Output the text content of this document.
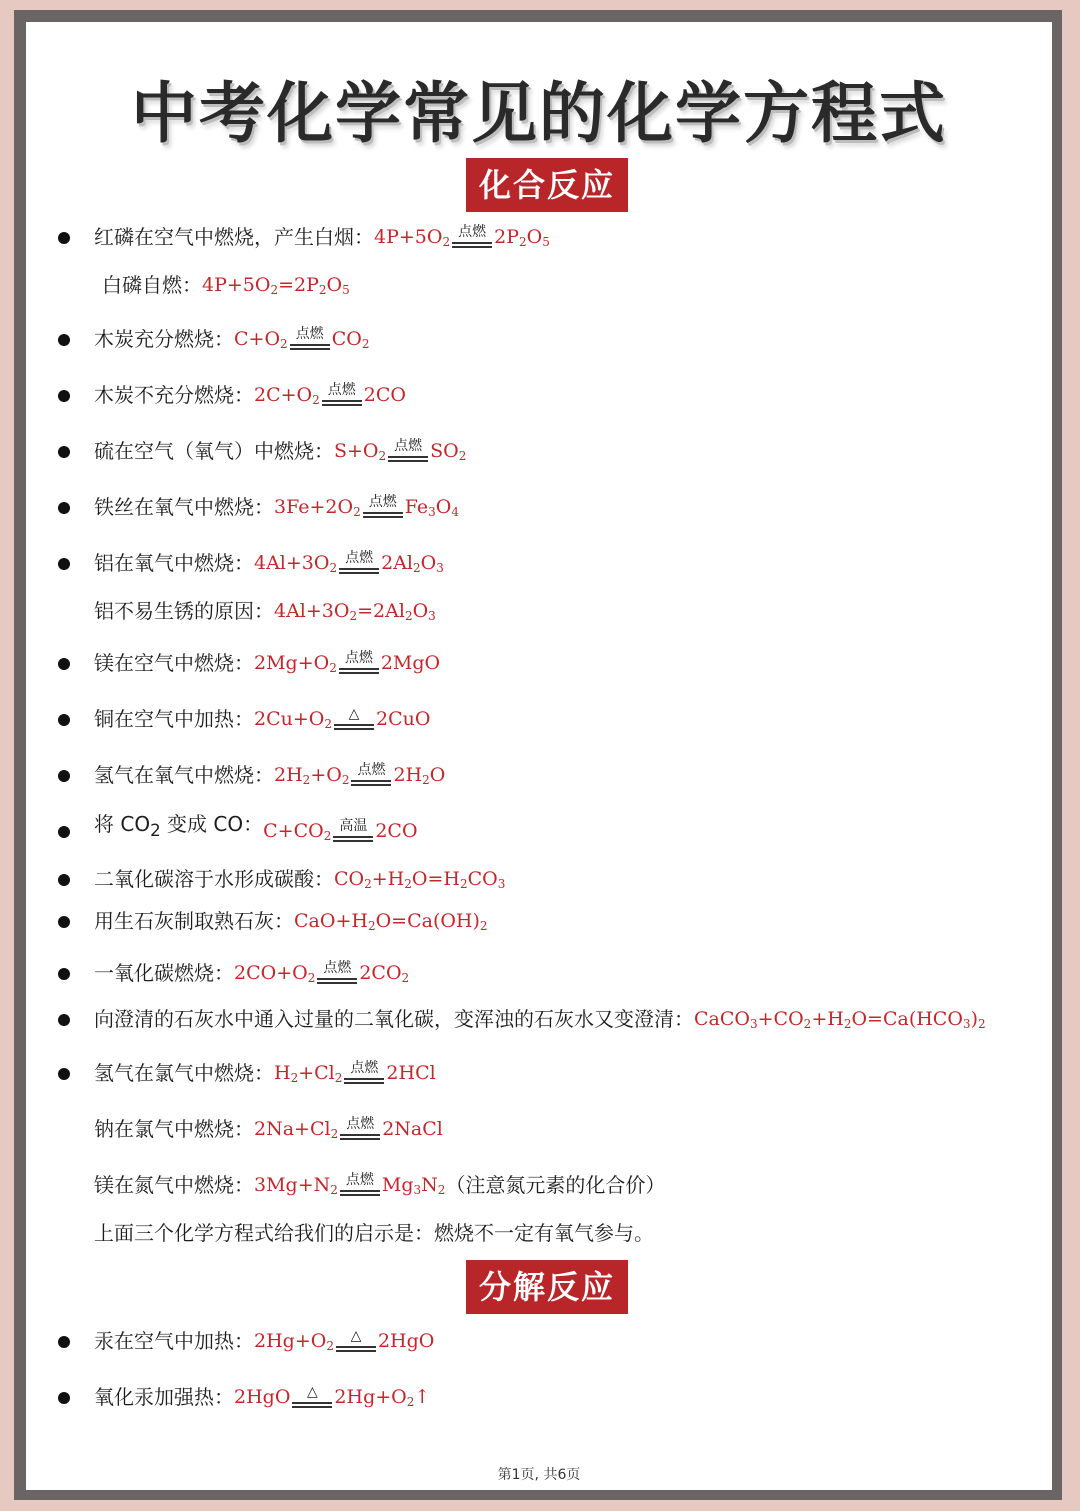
中考化学常见的化学方程式
化合反应
红磷在空气中燃烧，产生白烟： $4P+5O_2$
点燃 $2P_2O_5$
白磷自燃： $4P+5O_2=2P_2O_5$
木炭充分燃烧： $C+O_2$
点燃 $CO_2$
木炭不充分燃烧： $2C+O_2$
点燃 2CO
硫在空气（氧气）中燃烧： $S+O_2$
点燃 $SO_2$
铁丝在氧气中燃烧： $3Fe+2O_2$
点燃 $Fe_3O_4$
铝在氧气中燃烧： $4Al+3O_2$
点燃 $2Al_2O_3$
铝不易生锈的原因： $4Al+3O_2=2Al_2O_3$
镁在空气中燃烧： $2Mg+O_2$
点燃 2MgO
铜在空气中加热： $2Cu+O_2$
△ 2CuO
氢气在氧气中燃烧： $2H_2+O_2$
点燃 $2H_2O$
将 $CO_2$ 变成 CO： $C+CO_2$
高温 2CO
二氧化碳溶于水形成碳酸： $CO_2+H_2O=H_2CO_3$
用生石灰制取熟石灰： $CaO+H_2O=Ca(OH)_2$
一氧化碳燃烧： $2CO+O_2$
点燃 $2CO_2$
向澄清的石灰水中通入过量的二氧化碳，变浑浊的石灰水又变澄清： $CaCO_3+CO_2+H_2O=Ca(HCO_3)_2$
氢气在氯气中燃烧： $H_2+Cl_2$
点燃 2HCl
钠在氯气中燃烧： $2Na+Cl_2$
点燃 2NaCl
镁在氮气中燃烧： $3Mg+N_2$
点燃 $Mg_3N_2$ （注意氮元素的化合价）
上面三个化学方程式给我们的启示是：燃烧不一定有氧气参与。
汞在空气中加热： $2Hg+O_2$
△ 2HgO
氧化汞加强热： 2HgO △ $2Hg+O_2↑$
分解反应
第1页, 共6页
